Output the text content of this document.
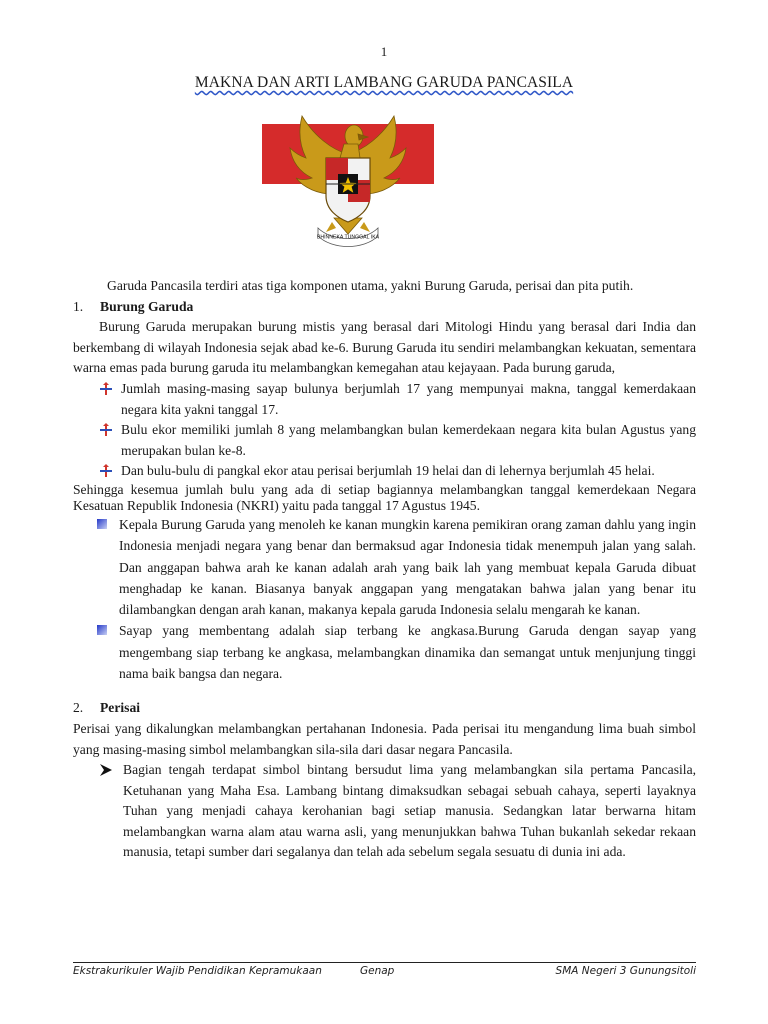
1
MAKNA DAN ARTI LAMBANG GARUDA PANCASILA
BHINNEKA TUNGGAL IKA

Garuda Pancasila terdiri atas tiga komponen utama, yakni Burung Garuda, perisai dan pita putih.

1.	Burung Garuda

Burung Garuda merupakan burung mistis yang berasal dari Mitologi Hindu yang berasal dari India dan berkembang di wilayah Indonesia sejak abad ke-6. Burung Garuda itu sendiri melambangkan kekuatan, sementara warna emas pada burung garuda itu melambangkan kemegahan atau kejayaan. Pada burung garuda,

Jumlah masing-masing sayap bulunya berjumlah 17 yang mempunyai makna, tanggal kemerdakaan negara kita yakni tanggal 17.
Bulu ekor memiliki jumlah 8 yang melambangkan bulan kemerdekaan negara kita bulan Agustus yang merupakan bulan ke-8.
Dan bulu-bulu di pangkal ekor atau perisai berjumlah 19 helai dan di lehernya berjumlah 45 helai.

Sehingga kesemua jumlah bulu yang ada di setiap bagiannya melambangkan tanggal kemerdekaan Negara Kesatuan Republik Indonesia (NKRI) yaitu pada tanggal 17 Agustus 1945.

Kepala Burung Garuda yang menoleh ke kanan mungkin karena pemikiran orang zaman dahlu yang ingin Indonesia menjadi negara yang benar dan bermaksud agar Indonesia tidak menempuh jalan yang salah. Dan anggapan bahwa arah ke kanan adalah arah yang baik lah yang membuat kepala Garuda dibuat menghadap ke kanan. Biasanya banyak anggapan yang mengatakan bahwa jalan yang benar itu dilambangkan dengan arah kanan, makanya kepala garuda Indonesia selalu mengarah ke kanan.
Sayap yang membentang adalah siap terbang ke angkasa.Burung Garuda dengan sayap yang mengembang siap terbang ke angkasa, melambangkan dinamika dan semangat untuk menjunjung tinggi nama baik bangsa dan negara.
2.	Perisai

Perisai yang dikalungkan melambangkan pertahanan Indonesia. Pada perisai itu mengandung lima buah simbol yang masing-masing simbol melambangkan sila-sila dari dasar negara Pancasila.

Bagian tengah terdapat simbol bintang bersudut lima yang melambangkan sila pertama Pancasila, Ketuhanan yang Maha Esa. Lambang bintang dimaksudkan sebagai sebuah cahaya, seperti layaknya Tuhan yang menjadi cahaya kerohanian bagi setiap manusia. Sedangkan latar berwarna hitam melambangkan warna alam atau warna asli, yang menunjukkan bahwa Tuhan bukanlah sekedar rekaan manusia, tetapi sumber dari segalanya dan telah ada sebelum segala sesuatu di dunia ini ada.
Ekstrakurikuler Wajib Pendidikan Kepramukaan	Genap	SMA Negeri 3 Gunungsitoli
